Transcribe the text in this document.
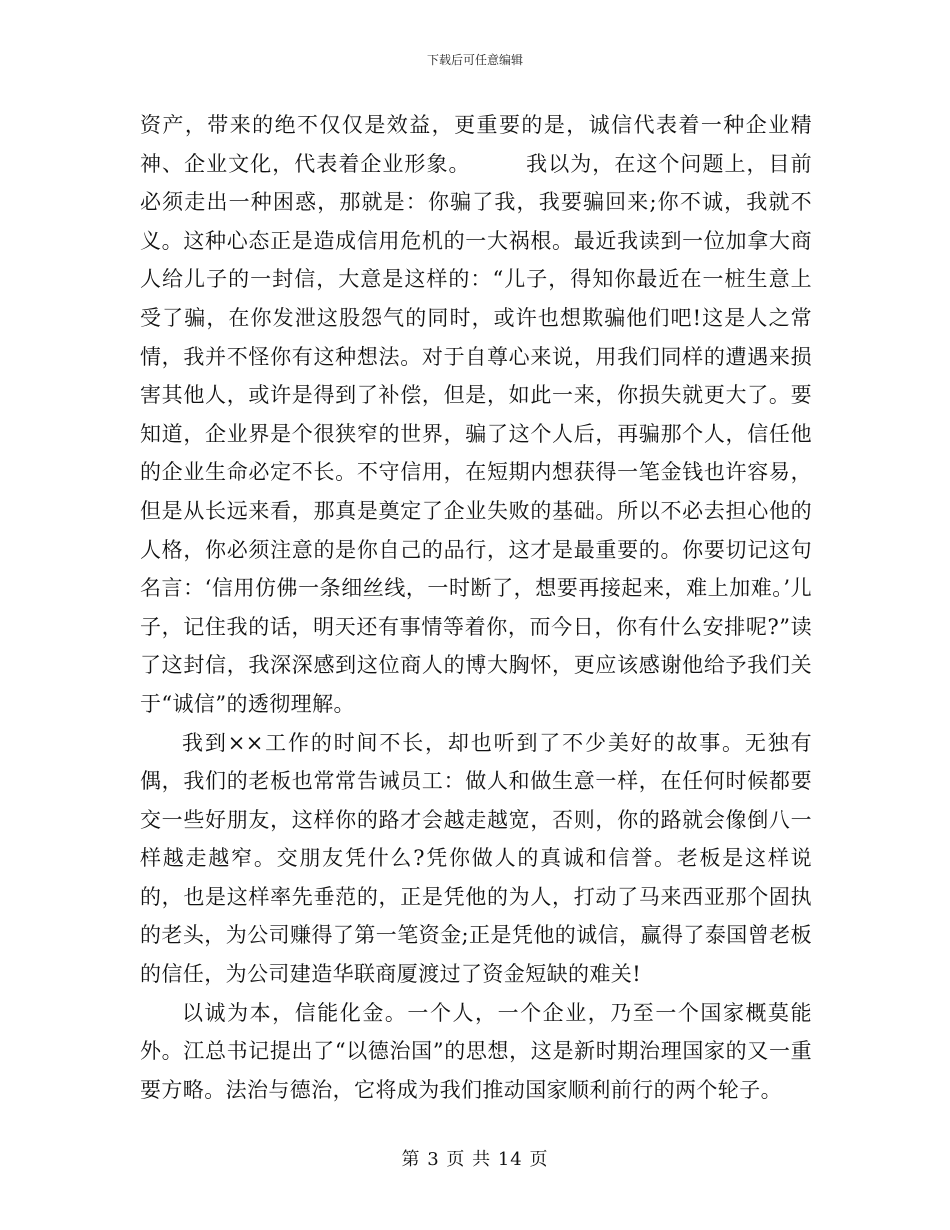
下载后可任意编辑

资产，带来的绝不仅仅是效益，更重要的是，诚信代表着一种企业精神、企业文化，代表着企业形象。　　　我以为，在这个问题上，目前必须走出一种困惑，那就是：你骗了我，我要骗回来;你不诚，我就不义。这种心态正是造成信用危机的一大祸根。最近我读到一位加拿大商人给儿子的一封信，大意是这样的：“儿子，得知你最近在一桩生意上受了骗，在你发泄这股怨气的同时，或许也想欺骗他们吧!这是人之常情，我并不怪你有这种想法。对于自尊心来说，用我们同样的遭遇来损害其他人，或许是得到了补偿，但是，如此一来，你损失就更大了。要知道，企业界是个很狭窄的世界，骗了这个人后，再骗那个人，信任他的企业生命必定不长。不守信用，在短期内想获得一笔金钱也许容易，但是从长远来看，那真是奠定了企业失败的基础。所以不必去担心他的人格，你必须注意的是你自己的品行，这才是最重要的。你要切记这句名言：‘信用仿佛一条细丝线，一时断了，想要再接起来，难上加难。’儿子，记住我的话，明天还有事情等着你，而今日，你有什么安排呢?”读了这封信，我深深感到这位商人的博大胸怀，更应该感谢他给予我们关于“诚信”的透彻理解。

我到××工作的时间不长，却也听到了不少美好的故事。无独有偶，我们的老板也常常告诫员工：做人和做生意一样，在任何时候都要交一些好朋友，这样你的路才会越走越宽，否则，你的路就会像倒八一样越走越窄。交朋友凭什么?凭你做人的真诚和信誉。老板是这样说的，也是这样率先垂范的，正是凭他的为人，打动了马来西亚那个固执的老头，为公司赚得了第一笔资金;正是凭他的诚信，赢得了泰国曾老板的信任，为公司建造华联商厦渡过了资金短缺的难关!

以诚为本，信能化金。一个人，一个企业，乃至一个国家概莫能外。江总书记提出了“以德治国”的思想，这是新时期治理国家的又一重要方略。法治与德治，它将成为我们推动国家顺利前行的两个轮子。

第 3 页 共 14 页
